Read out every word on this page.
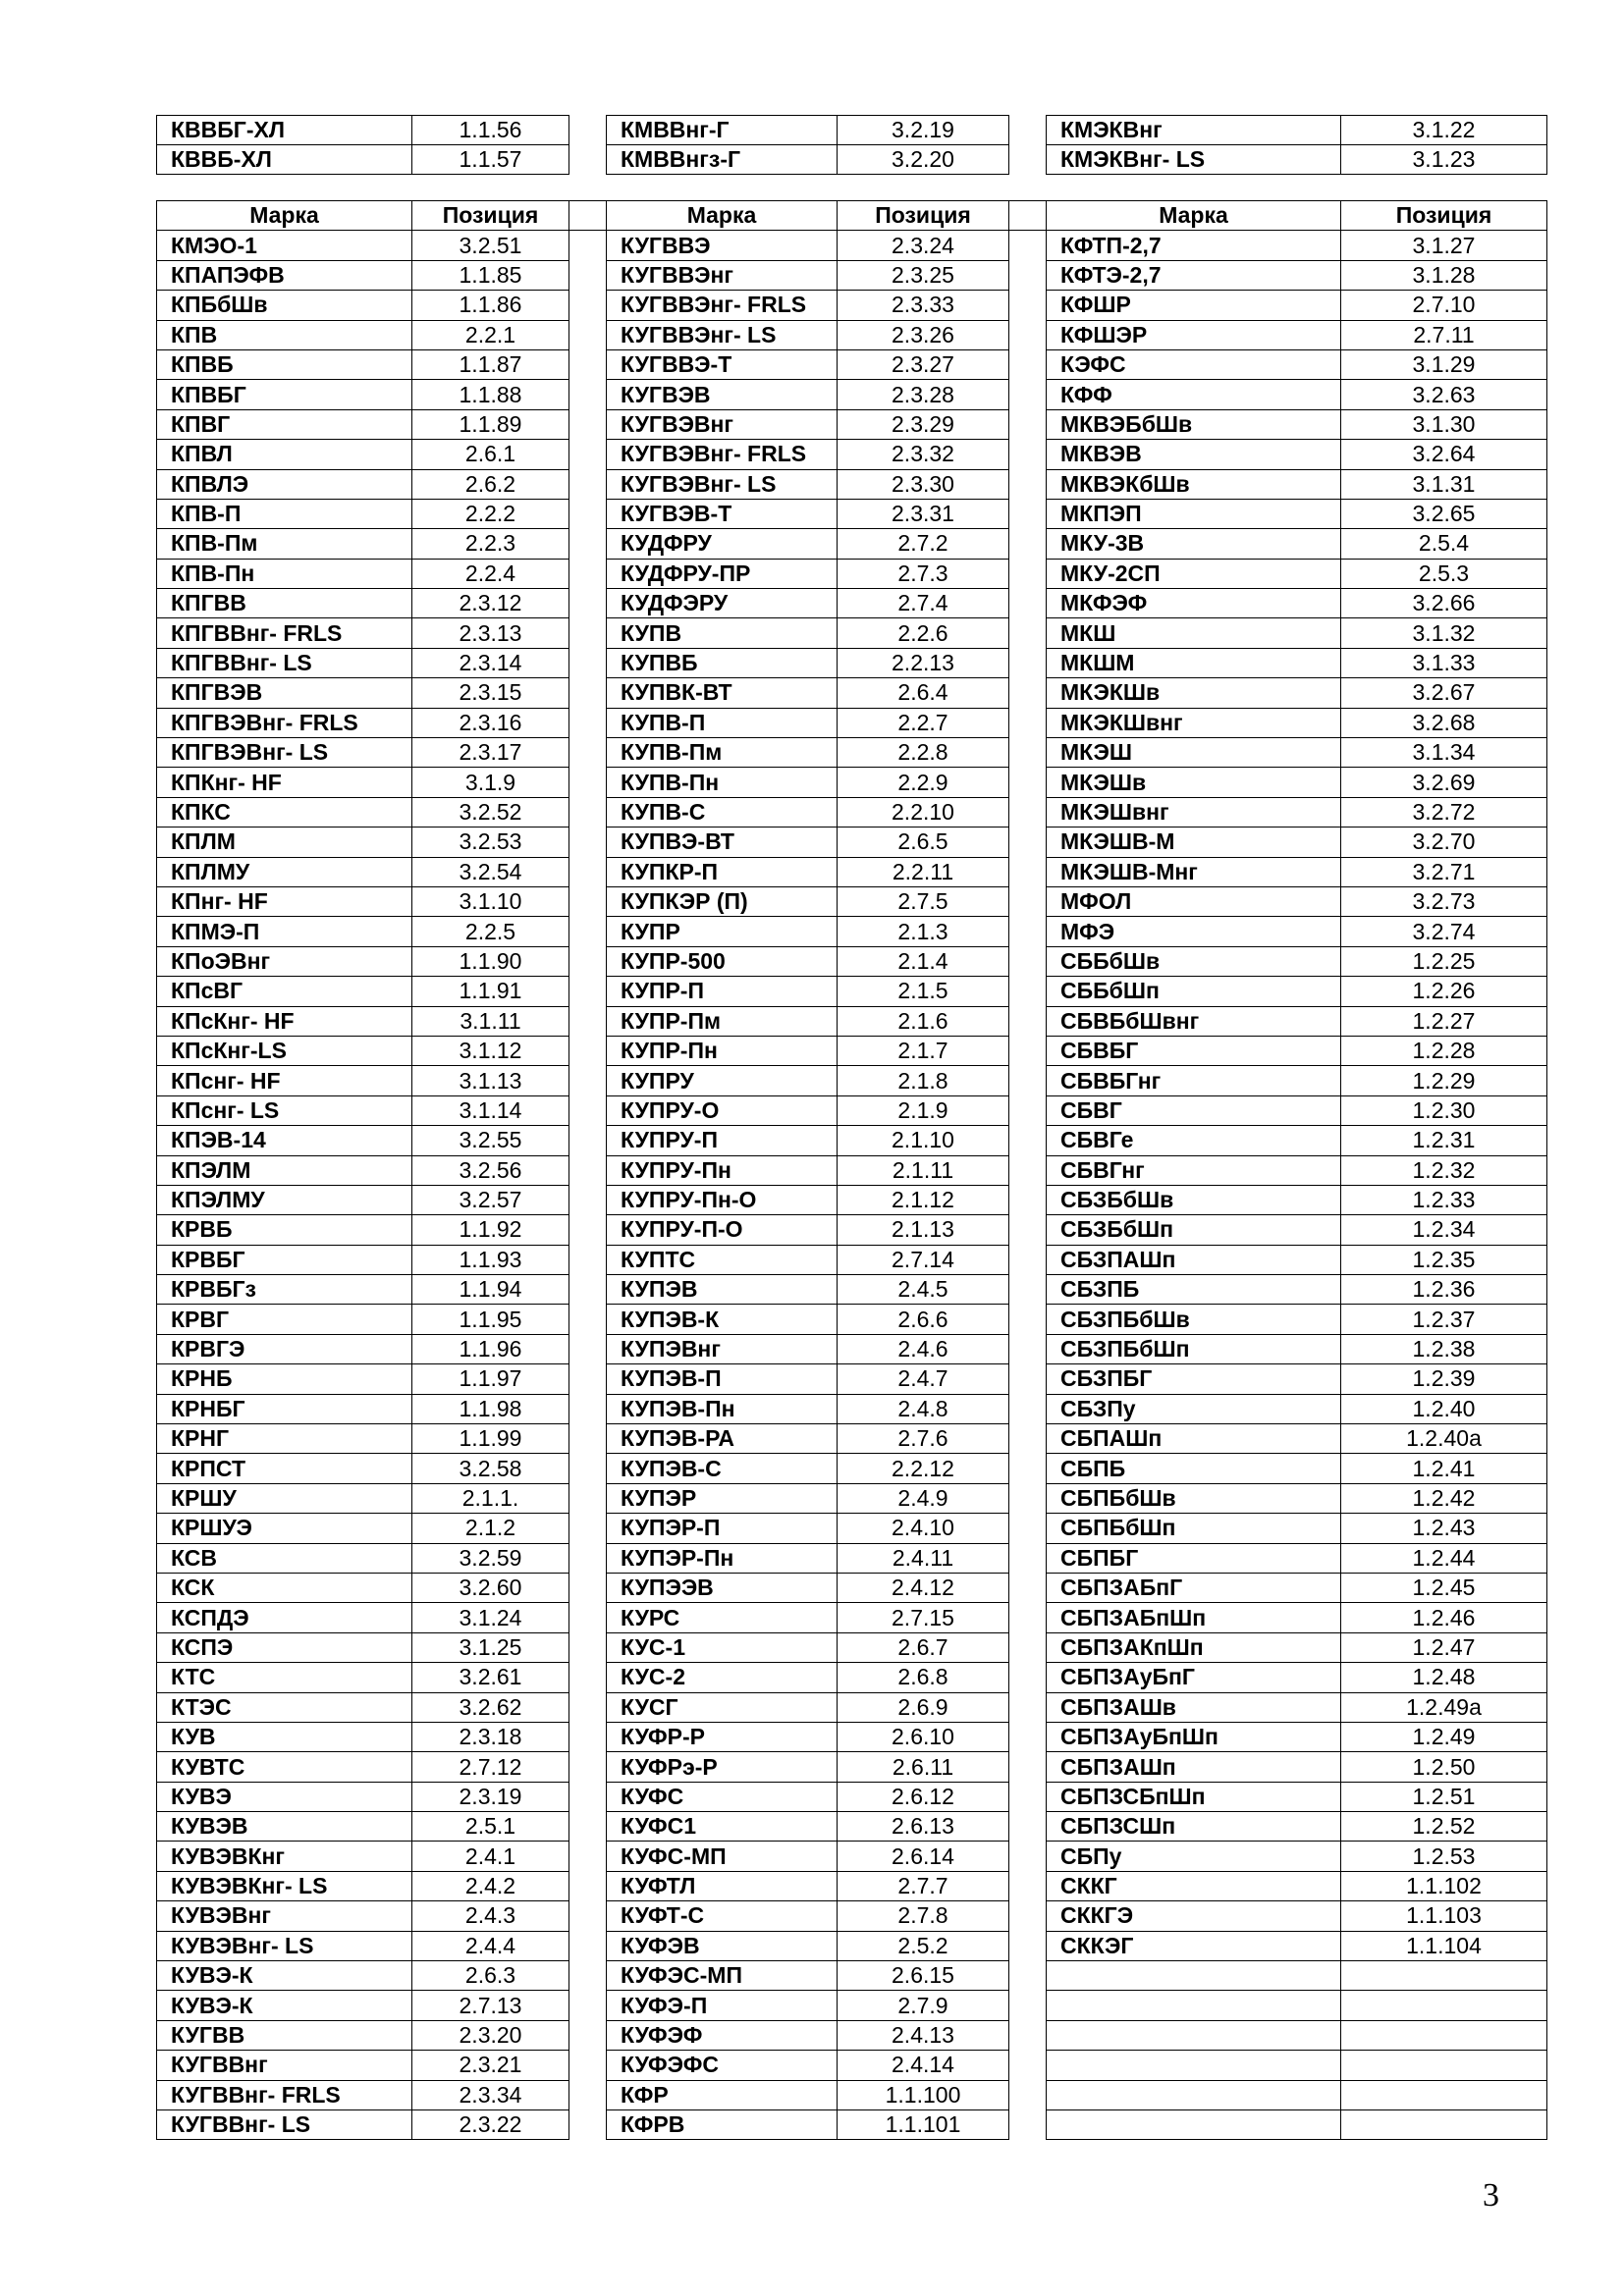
КВВБГ-ХЛ	1.1.56		КМВВнг-Г	3.2.19		КМЭКВнг	3.1.22
КВВБ-ХЛ	1.1.57		КМВВнгз-Г	3.2.20		КМЭКВнг- LS	3.1.23
Марка	Позиция		Марка	Позиция		Марка	Позиция
КМЭО-1	3.2.51		КУГВВЭ	2.3.24		КФТП-2,7	3.1.27
КПАПЭФВ	1.1.85		КУГВВЭнг	2.3.25		КФТЭ-2,7	3.1.28
КПБбШв	1.1.86		КУГВВЭнг- FRLS	2.3.33		КФШР	2.7.10
КПВ	2.2.1		КУГВВЭнг- LS	2.3.26		КФШЭР	2.7.11
КПВБ	1.1.87		КУГВВЭ-Т	2.3.27		КЭФС	3.1.29
КПВБГ	1.1.88		КУГВЭВ	2.3.28		КФФ	3.2.63
КПВГ	1.1.89		КУГВЭВнг	2.3.29		МКВЭБбШв	3.1.30
КПВЛ	2.6.1		КУГВЭВнг- FRLS	2.3.32		МКВЭВ	3.2.64
КПВЛЭ	2.6.2		КУГВЭВнг- LS	2.3.30		МКВЭКбШв	3.1.31
КПВ-П	2.2.2		КУГВЭВ-Т	2.3.31		МКПЭП	3.2.65
КПВ-Пм	2.2.3		КУДФРУ	2.7.2		МКУ-3В	2.5.4
КПВ-Пн	2.2.4		КУДФРУ-ПР	2.7.3		МКУ-2СП	2.5.3
КПГВВ	2.3.12		КУДФЭРУ	2.7.4		МКФЭФ	3.2.66
КПГВВнг- FRLS	2.3.13		КУПВ	2.2.6		МКШ	3.1.32
КПГВВнг- LS	2.3.14		КУПВБ	2.2.13		МКШМ	3.1.33
КПГВЭВ	2.3.15		КУПВК-ВТ	2.6.4		МКЭКШв	3.2.67
КПГВЭВнг- FRLS	2.3.16		КУПВ-П	2.2.7		МКЭКШвнг	3.2.68
КПГВЭВнг- LS	2.3.17		КУПВ-Пм	2.2.8		МКЭШ	3.1.34
КПКнг- HF	3.1.9		КУПВ-Пн	2.2.9		МКЭШв	3.2.69
КПКС	3.2.52		КУПВ-С	2.2.10		МКЭШвнг	3.2.72
КПЛМ	3.2.53		КУПВЭ-ВТ	2.6.5		МКЭШВ-М	3.2.70
КПЛМУ	3.2.54		КУПКР-П	2.2.11		МКЭШВ-Мнг	3.2.71
КПнг- HF	3.1.10		КУПКЭР (П)	2.7.5		МФОЛ	3.2.73
КПМЭ-П	2.2.5		КУПР	2.1.3		МФЭ	3.2.74
КПоЭВнг	1.1.90		КУПР-500	2.1.4		СББбШв	1.2.25
КПсВГ	1.1.91		КУПР-П	2.1.5		СББбШп	1.2.26
КПсКнг- HF	3.1.11		КУПР-Пм	2.1.6		СБВБбШвнг	1.2.27
КПсКнг-LS	3.1.12		КУПР-Пн	2.1.7		СБВБГ	1.2.28
КПснг- HF	3.1.13		КУПРУ	2.1.8		СБВБГнг	1.2.29
КПснг- LS	3.1.14		КУПРУ-О	2.1.9		СБВГ	1.2.30
КПЭВ-14	3.2.55		КУПРУ-П	2.1.10		СБВГе	1.2.31
КПЭЛМ	3.2.56		КУПРУ-Пн	2.1.11		СБВГнг	1.2.32
КПЭЛМУ	3.2.57		КУПРУ-Пн-О	2.1.12		СБЗБбШв	1.2.33
КРВБ	1.1.92		КУПРУ-П-О	2.1.13		СБЗБбШп	1.2.34
КРВБГ	1.1.93		КУПТС	2.7.14		СБЗПАШп	1.2.35
КРВБГз	1.1.94		КУПЭВ	2.4.5		СБЗПБ	1.2.36
КРВГ	1.1.95		КУПЭВ-К	2.6.6		СБЗПБбШв	1.2.37
КРВГЭ	1.1.96		КУПЭВнг	2.4.6		СБЗПБбШп	1.2.38
КРНБ	1.1.97		КУПЭВ-П	2.4.7		СБЗПБГ	1.2.39
КРНБГ	1.1.98		КУПЭВ-Пн	2.4.8		СБЗПу	1.2.40
КРНГ	1.1.99		КУПЭВ-РА	2.7.6		СБПАШп	1.2.40а
КРПСТ	3.2.58		КУПЭВ-С	2.2.12		СБПБ	1.2.41
КРШУ	2.1.1.		КУПЭР	2.4.9		СБПБбШв	1.2.42
КРШУЭ	2.1.2		КУПЭР-П	2.4.10		СБПБбШп	1.2.43
КСВ	3.2.59		КУПЭР-Пн	2.4.11		СБПБГ	1.2.44
КСК	3.2.60		КУПЭЭВ	2.4.12		СБПЗАБпГ	1.2.45
КСПДЭ	3.1.24		КУРС	2.7.15		СБПЗАБпШп	1.2.46
КСПЭ	3.1.25		КУС-1	2.6.7		СБПЗАКпШп	1.2.47
КТС	3.2.61		КУС-2	2.6.8		СБПЗАуБпГ	1.2.48
КТЭС	3.2.62		КУСГ	2.6.9		СБПЗАШв	1.2.49а
КУВ	2.3.18		КУФР-Р	2.6.10		СБПЗАуБпШп	1.2.49
КУВТС	2.7.12		КУФРэ-Р	2.6.11		СБПЗАШп	1.2.50
КУВЭ	2.3.19		КУФС	2.6.12		СБПЗСБпШп	1.2.51
КУВЭВ	2.5.1		КУФС1	2.6.13		СБПЗСШп	1.2.52
КУВЭВКнг	2.4.1		КУФС-МП	2.6.14		СБПу	1.2.53
КУВЭВКнг- LS	2.4.2		КУФТЛ	2.7.7		СККГ	1.1.102
КУВЭВнг	2.4.3		КУФТ-С	2.7.8		СККГЭ	1.1.103
КУВЭВнг- LS	2.4.4		КУФЭВ	2.5.2		СККЭГ	1.1.104
КУВЭ-К	2.6.3		КУФЭС-МП	2.6.15			
КУВЭ-К	2.7.13		КУФЭ-П	2.7.9			
КУГВВ	2.3.20		КУФЭФ	2.4.13			
КУГВВнг	2.3.21		КУФЭФС	2.4.14			
КУГВВнг- FRLS	2.3.34		КФР	1.1.100			
КУГВВнг- LS	2.3.22		КФРВ	1.1.101			
3
